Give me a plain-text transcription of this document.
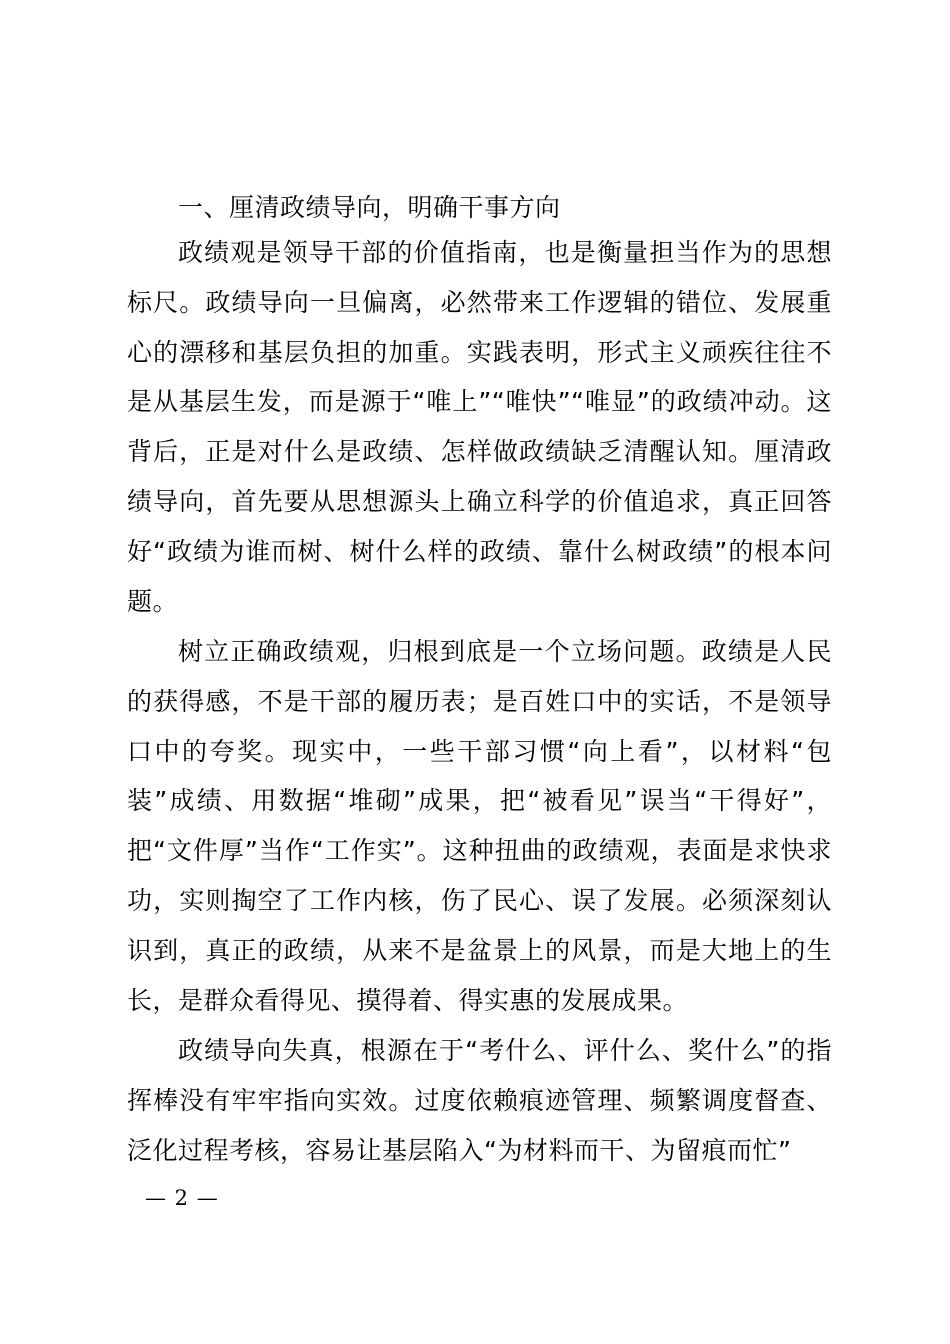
一、厘清政绩导向，明确干事方向

政绩观是领导干部的价值指南，也是衡量担当作为的思想标尺。政绩导向一旦偏离，必然带来工作逻辑的错位、发展重心的漂移和基层负担的加重。实践表明，形式主义顽疾往往不是从基层生发，而是源于“唯上”“唯快”“唯显”的政绩冲动。这背后，正是对什么是政绩、怎样做政绩缺乏清醒认知。厘清政绩导向，首先要从思想源头上确立科学的价值追求，真正回答好“政绩为谁而树、树什么样的政绩、靠什么树政绩”的根本问题。

树立正确政绩观，归根到底是一个立场问题。政绩是人民的获得感，不是干部的履历表；是百姓口中的实话，不是领导口中的夸奖。现实中，一些干部习惯“向上看”，以材料“包装”成绩、用数据“堆砌”成果，把“被看见”误当“干得好”，把“文件厚”当作“工作实”。这种扭曲的政绩观，表面是求快求功，实则掏空了工作内核，伤了民心、误了发展。必须深刻认识到，真正的政绩，从来不是盆景上的风景，而是大地上的生长，是群众看得见、摸得着、得实惠的发展成果。

政绩导向失真，根源在于“考什么、评什么、奖什么”的指挥棒没有牢牢指向实效。过度依赖痕迹管理、频繁调度督查、泛化过程考核，容易让基层陷入“为材料而干、为留痕而忙”

— 2 —
